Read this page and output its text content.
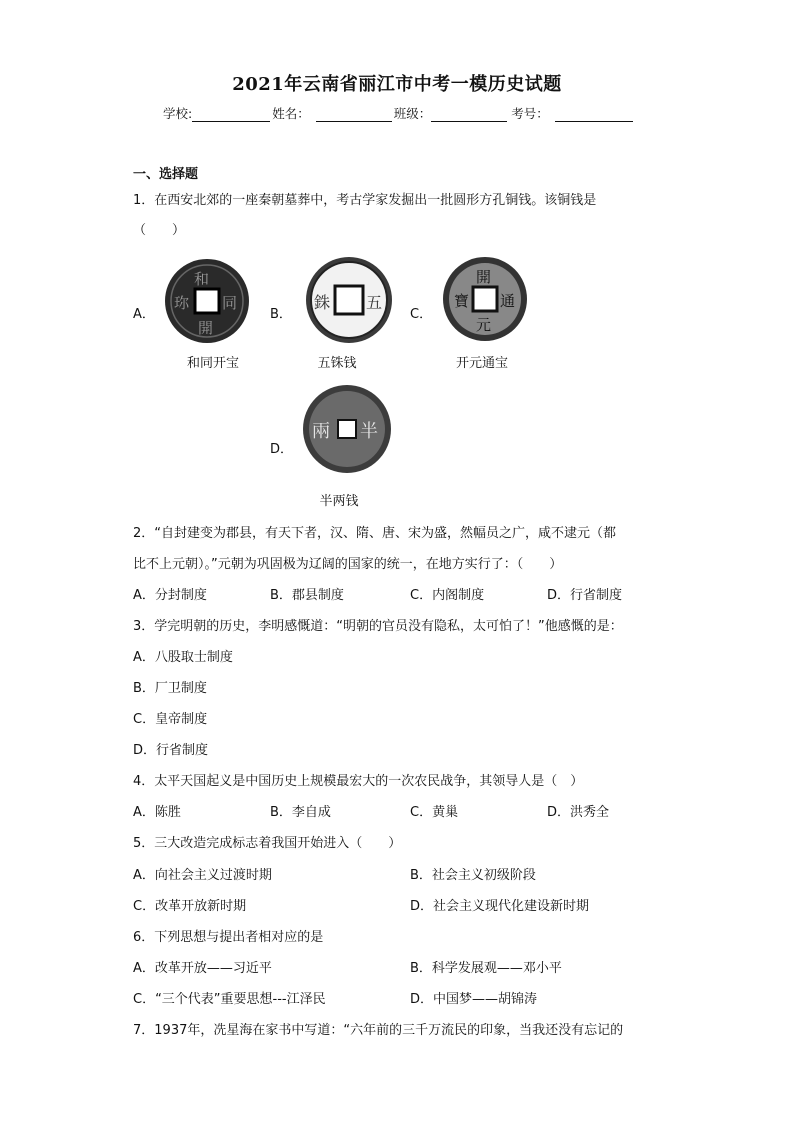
2021年云南省丽江市中考一模历史试题
学校:	姓名：	班级：	考号：
一、选择题
1．在西安北郊的一座秦朝墓葬中，考古学家发掘出一批圆形方孔铜钱。该铜钱是
（　　）
A．
和
同
珎
開
和同开宝
B．
銖 五
五铢钱
C．
開
通
寶
元
开元通宝
D．
兩 半
半两钱
2．“自封建变为郡县，有天下者，汉、隋、唐、宋为盛，然幅员之广，咸不逮元（都
比不上元朝）。”元朝为巩固极为辽阔的国家的统一，在地方实行了：（　　）
A．分封制度	B．郡县制度	C．内阁制度	D．行省制度
3．学完明朝的历史，李明感慨道：“明朝的官员没有隐私，太可怕了！”他感慨的是：
A．八股取士制度
B．厂卫制度
C．皇帝制度
D．行省制度
4．太平天国起义是中国历史上规模最宏大的一次农民战争，其领导人是（　）
A．陈胜	B．李自成	C．黄巢	D．洪秀全
5．三大改造完成标志着我国开始进入（　　）
A．向社会主义过渡时期	B．社会主义初级阶段
C．改革开放新时期	D．社会主义现代化建设新时期
6．下列思想与提出者相对应的是
A．改革开放——习近平	B．科学发展观——邓小平
C．“三个代表”重要思想---江泽民	D．中国梦——胡锦涛
7．1937年，冼星海在家书中写道：“六年前的三千万流民的印象，当我还没有忘记的
